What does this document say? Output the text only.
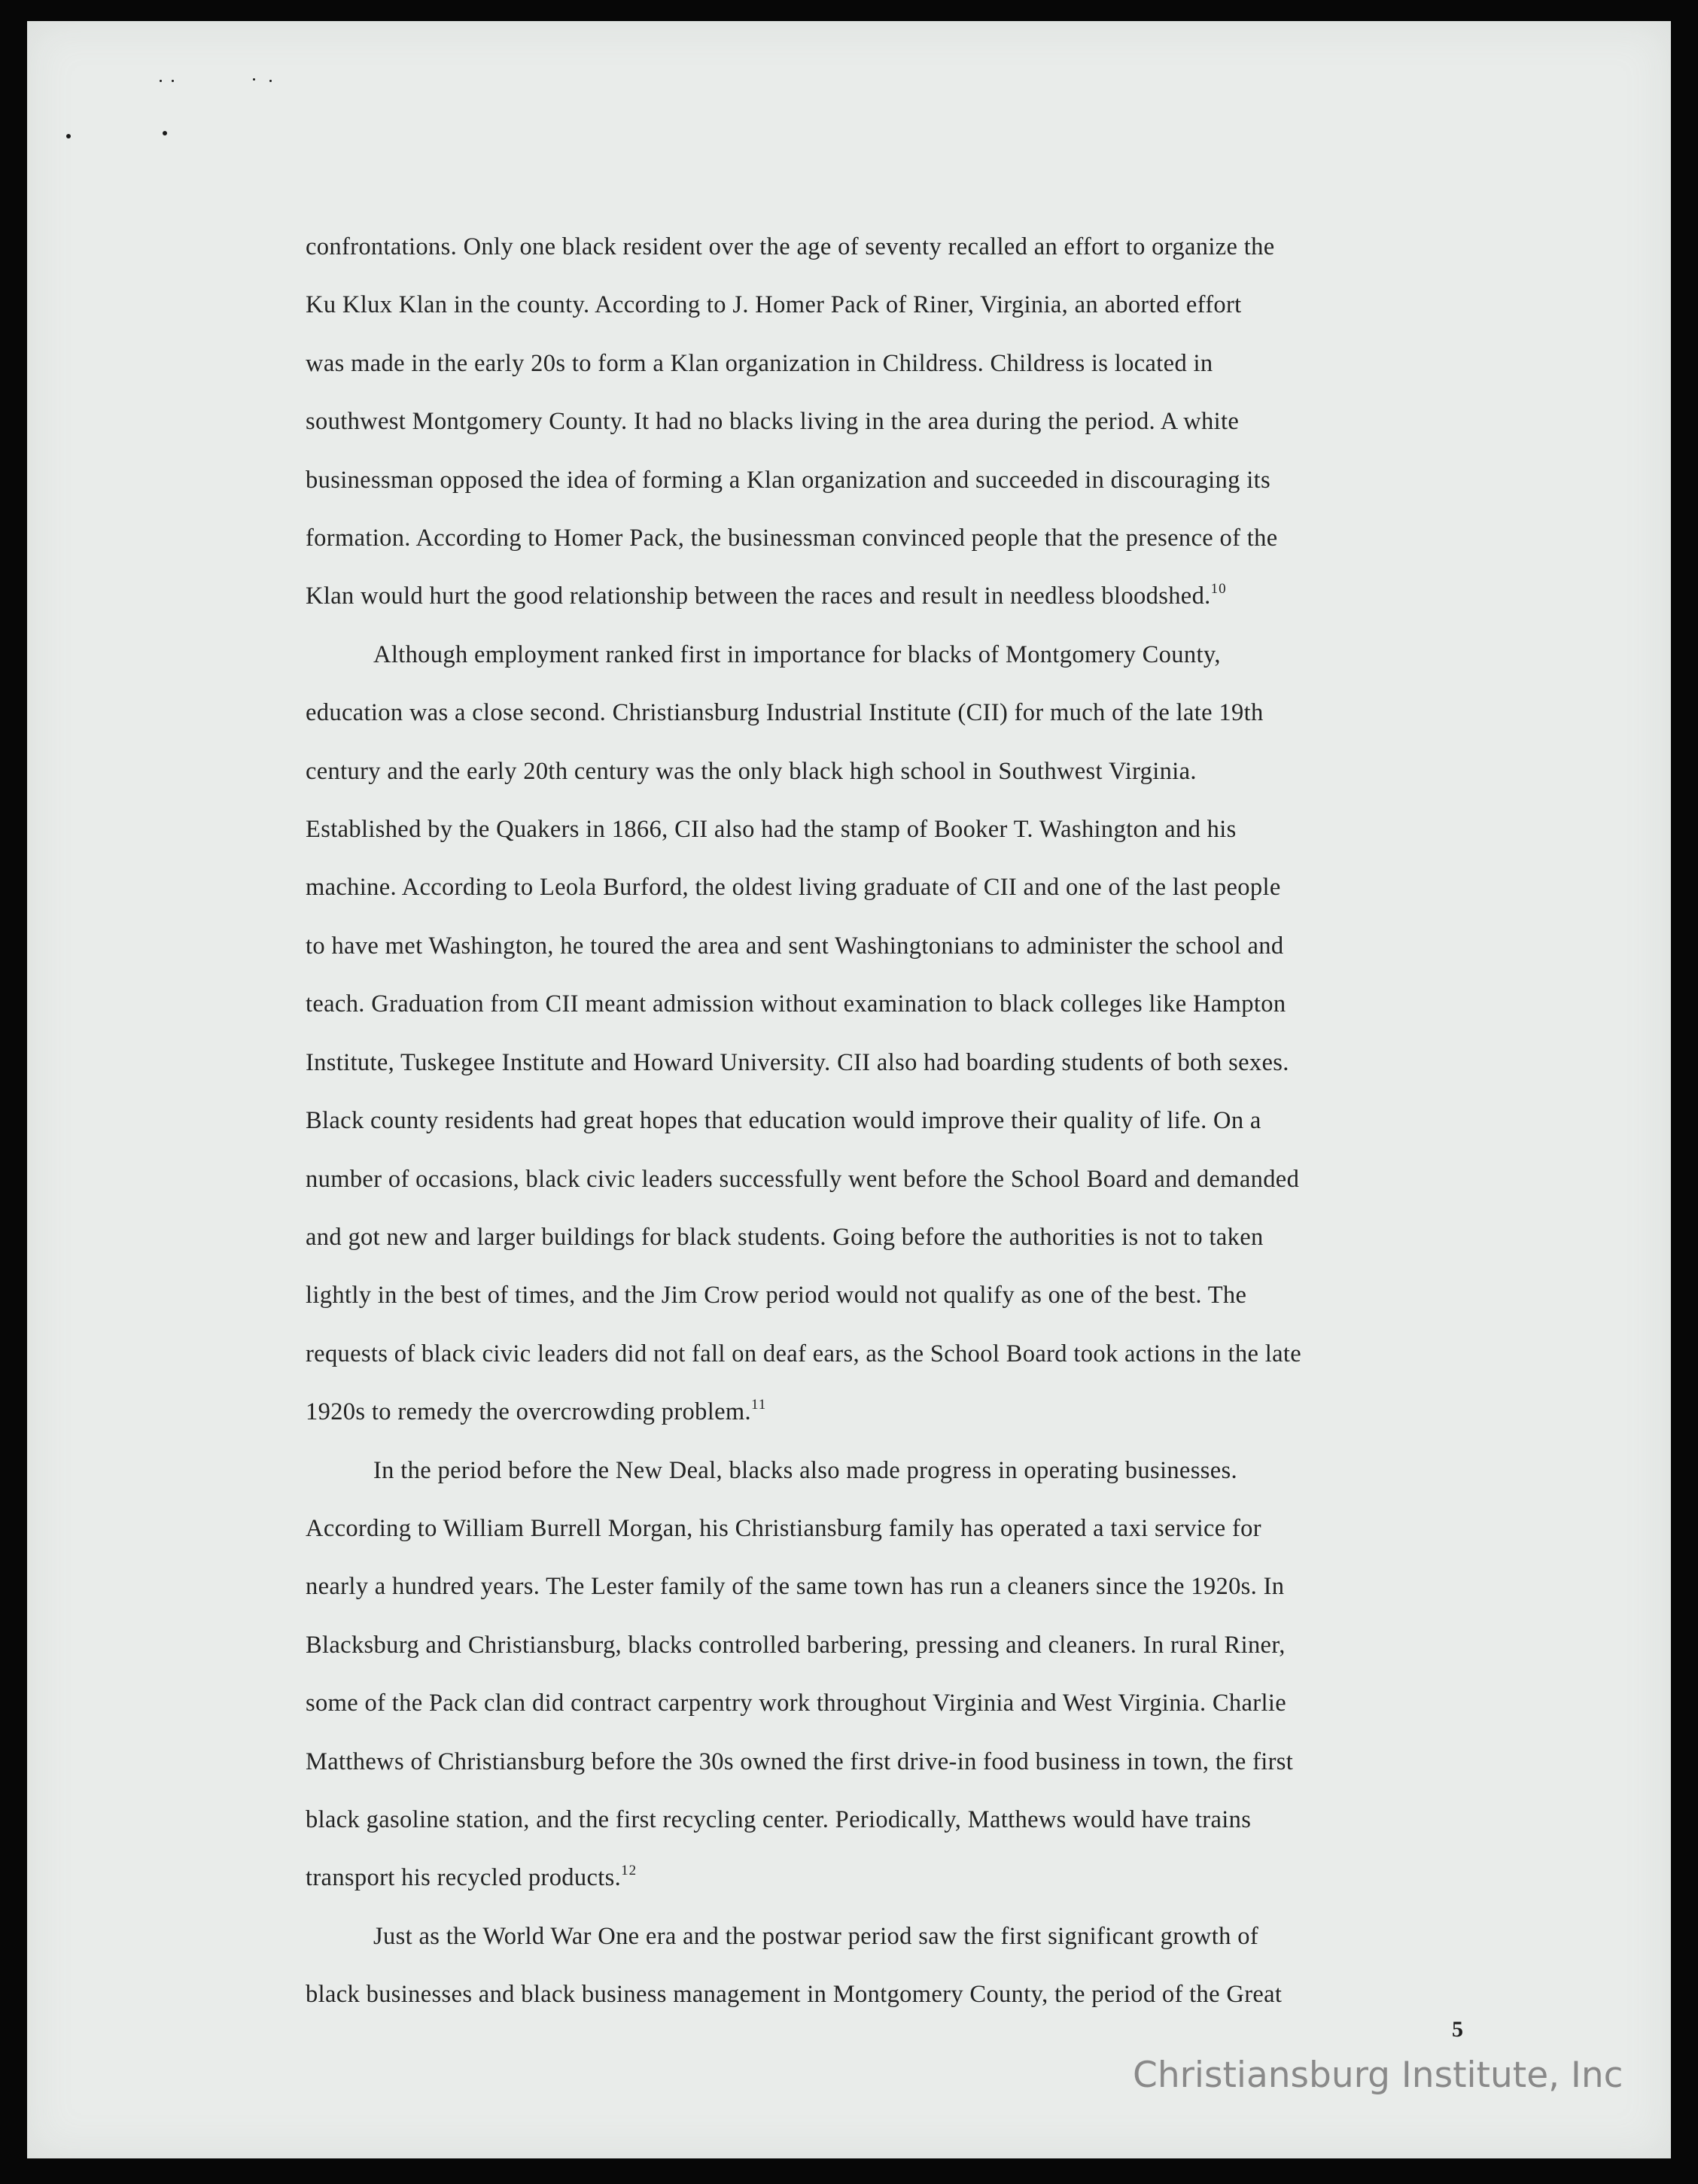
confrontations. Only one black resident over the age of seventy recalled an effort to organize the
Ku Klux Klan in the county. According to J. Homer Pack of Riner, Virginia, an aborted effort
was made in the early 20s to form a Klan organization in Childress. Childress is located in
southwest Montgomery County. It had no blacks living in the area during the period. A white
businessman opposed the idea of forming a Klan organization and succeeded in discouraging its
formation. According to Homer Pack, the businessman convinced people that the presence of the
Klan would hurt the good relationship between the races and result in needless bloodshed.$^{10}$
Although employment ranked first in importance for blacks of Montgomery County,
education was a close second. Christiansburg Industrial Institute (CII) for much of the late 19th
century and the early 20th century was the only black high school in Southwest Virginia.
Established by the Quakers in 1866, CII also had the stamp of Booker T. Washington and his
machine. According to Leola Burford, the oldest living graduate of CII and one of the last people
to have met Washington, he toured the area and sent Washingtonians to administer the school and
teach. Graduation from CII meant admission without examination to black colleges like Hampton
Institute, Tuskegee Institute and Howard University. CII also had boarding students of both sexes.
Black county residents had great hopes that education would improve their quality of life. On a
number of occasions, black civic leaders successfully went before the School Board and demanded
and got new and larger buildings for black students. Going before the authorities is not to taken
lightly in the best of times, and the Jim Crow period would not qualify as one of the best. The
requests of black civic leaders did not fall on deaf ears, as the School Board took actions in the late
1920s to remedy the overcrowding problem.$^{11}$
In the period before the New Deal, blacks also made progress in operating businesses.
According to William Burrell Morgan, his Christiansburg family has operated a taxi service for
nearly a hundred years. The Lester family of the same town has run a cleaners since the 1920s. In
Blacksburg and Christiansburg, blacks controlled barbering, pressing and cleaners. In rural Riner,
some of the Pack clan did contract carpentry work throughout Virginia and West Virginia. Charlie
Matthews of Christiansburg before the 30s owned the first drive-in food business in town, the first
black gasoline station, and the first recycling center. Periodically, Matthews would have trains
transport his recycled products.$^{12}$
Just as the World War One era and the postwar period saw the first significant growth of
black businesses and black business management in Montgomery County, the period of the Great
5
Christiansburg Institute, Inc
